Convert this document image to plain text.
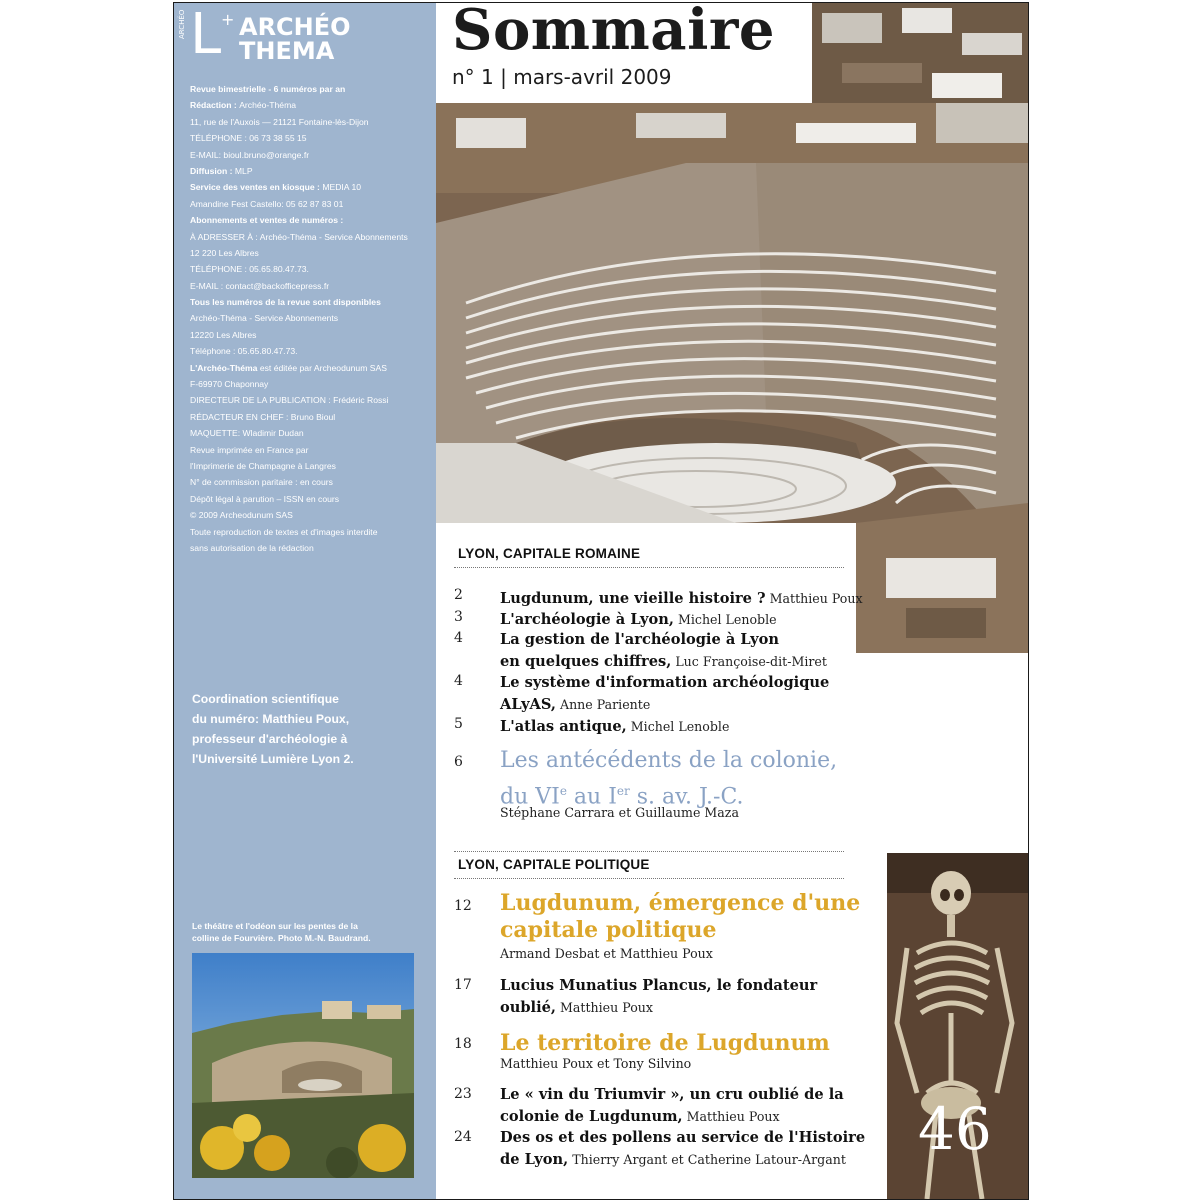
L + ARCHÉO
THEMA
ARCHÉO
Revue bimestrielle - 6 numéros par an
Rédaction : Archéo-Théma
11, rue de l'Auxois — 21121 Fontaine-lès-Dijon
TÉLÉPHONE : 06 73 38 55 15
E-MAIL: bioul.bruno@orange.fr
Diffusion : MLP
Service des ventes en kiosque : MEDIA 10
Amandine Fest Castello: 05 62 87 83 01
Abonnements et ventes de numéros :
À ADRESSER À : Archéo-Théma - Service Abonnements
12 220 Les Albres
TÉLÉPHONE : 05.65.80.47.73.
E-MAIL : contact@backofficepress.fr
Tous les numéros de la revue sont disponibles
Archéo-Théma - Service Abonnements
12220 Les Albres
Téléphone : 05.65.80.47.73.
L'Archéo-Théma est éditée par Archeodunum SAS
F-69970 Chaponnay
DIRECTEUR DE LA PUBLICATION : Frédéric Rossi
RÉDACTEUR EN CHEF : Bruno Bioul
MAQUETTE: Wladimir Dudan
Revue imprimée en France par
l'Imprimerie de Champagne à Langres
N° de commission paritaire : en cours
Dépôt légal à parution – ISSN en cours
© 2009 Archeodunum SAS
Toute reproduction de textes et d'images interdite
sans autorisation de la rédaction
Coordination scientifique
du numéro: Matthieu Poux,
professeur d'archéologie à
l'Université Lumière Lyon 2.
Le théâtre et l'odéon sur les pentes de la
colline de Fourvière. Photo M.-N. Baudrand.
Sommaire
n° 1 | mars-avril 2009
46
LYON, CAPITALE ROMAINE
2	Lugdunum, une vieille histoire ? Matthieu Poux
3	L'archéologie à Lyon, Michel Lenoble
4	La gestion de l'archéologie à Lyon
en quelques chiffres, Luc Françoise-dit-Miret
4	Le système d'information archéologique
ALyAS, Anne Pariente
5	L'atlas antique, Michel Lenoble
6 Les antécédents de la colonie,
du VIe au Ier s. av. J.-C.
Stéphane Carrara et Guillaume Maza
LYON, CAPITALE POLITIQUE
12 Lugdunum, émergence d'une
capitale politique
Armand Desbat et Matthieu Poux
17 Lucius Munatius Plancus, le fondateur
oublié, Matthieu Poux
18 Le territoire de Lugdunum
Matthieu Poux et Tony Silvino
23 Le « vin du Triumvir », un cru oublié de la
colonie de Lugdunum, Matthieu Poux
24 Des os et des pollens au service de l'Histoire
de Lyon, Thierry Argant et Catherine Latour-Argant
